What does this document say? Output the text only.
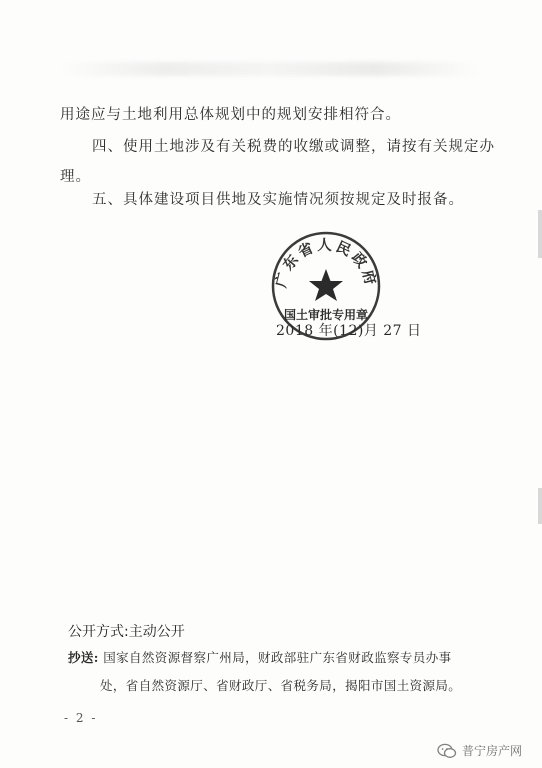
用途应与土地利用总体规划中的规划安排相符合。
四、使用土地涉及有关税费的收缴或调整，请按有关规定办
理。
五、具体建设项目供地及实施情况须按规定及时报备。
广东省人民政府
国土审批专用章
2018 年(12)月 27 日
公开方式:主动公开
抄送: 国家自然资源督察广州局，财政部驻广东省财政监察专员办事
处，省自然资源厅、省财政厅、省税务局，揭阳市国土资源局。
- 2 -
普宁房产网
